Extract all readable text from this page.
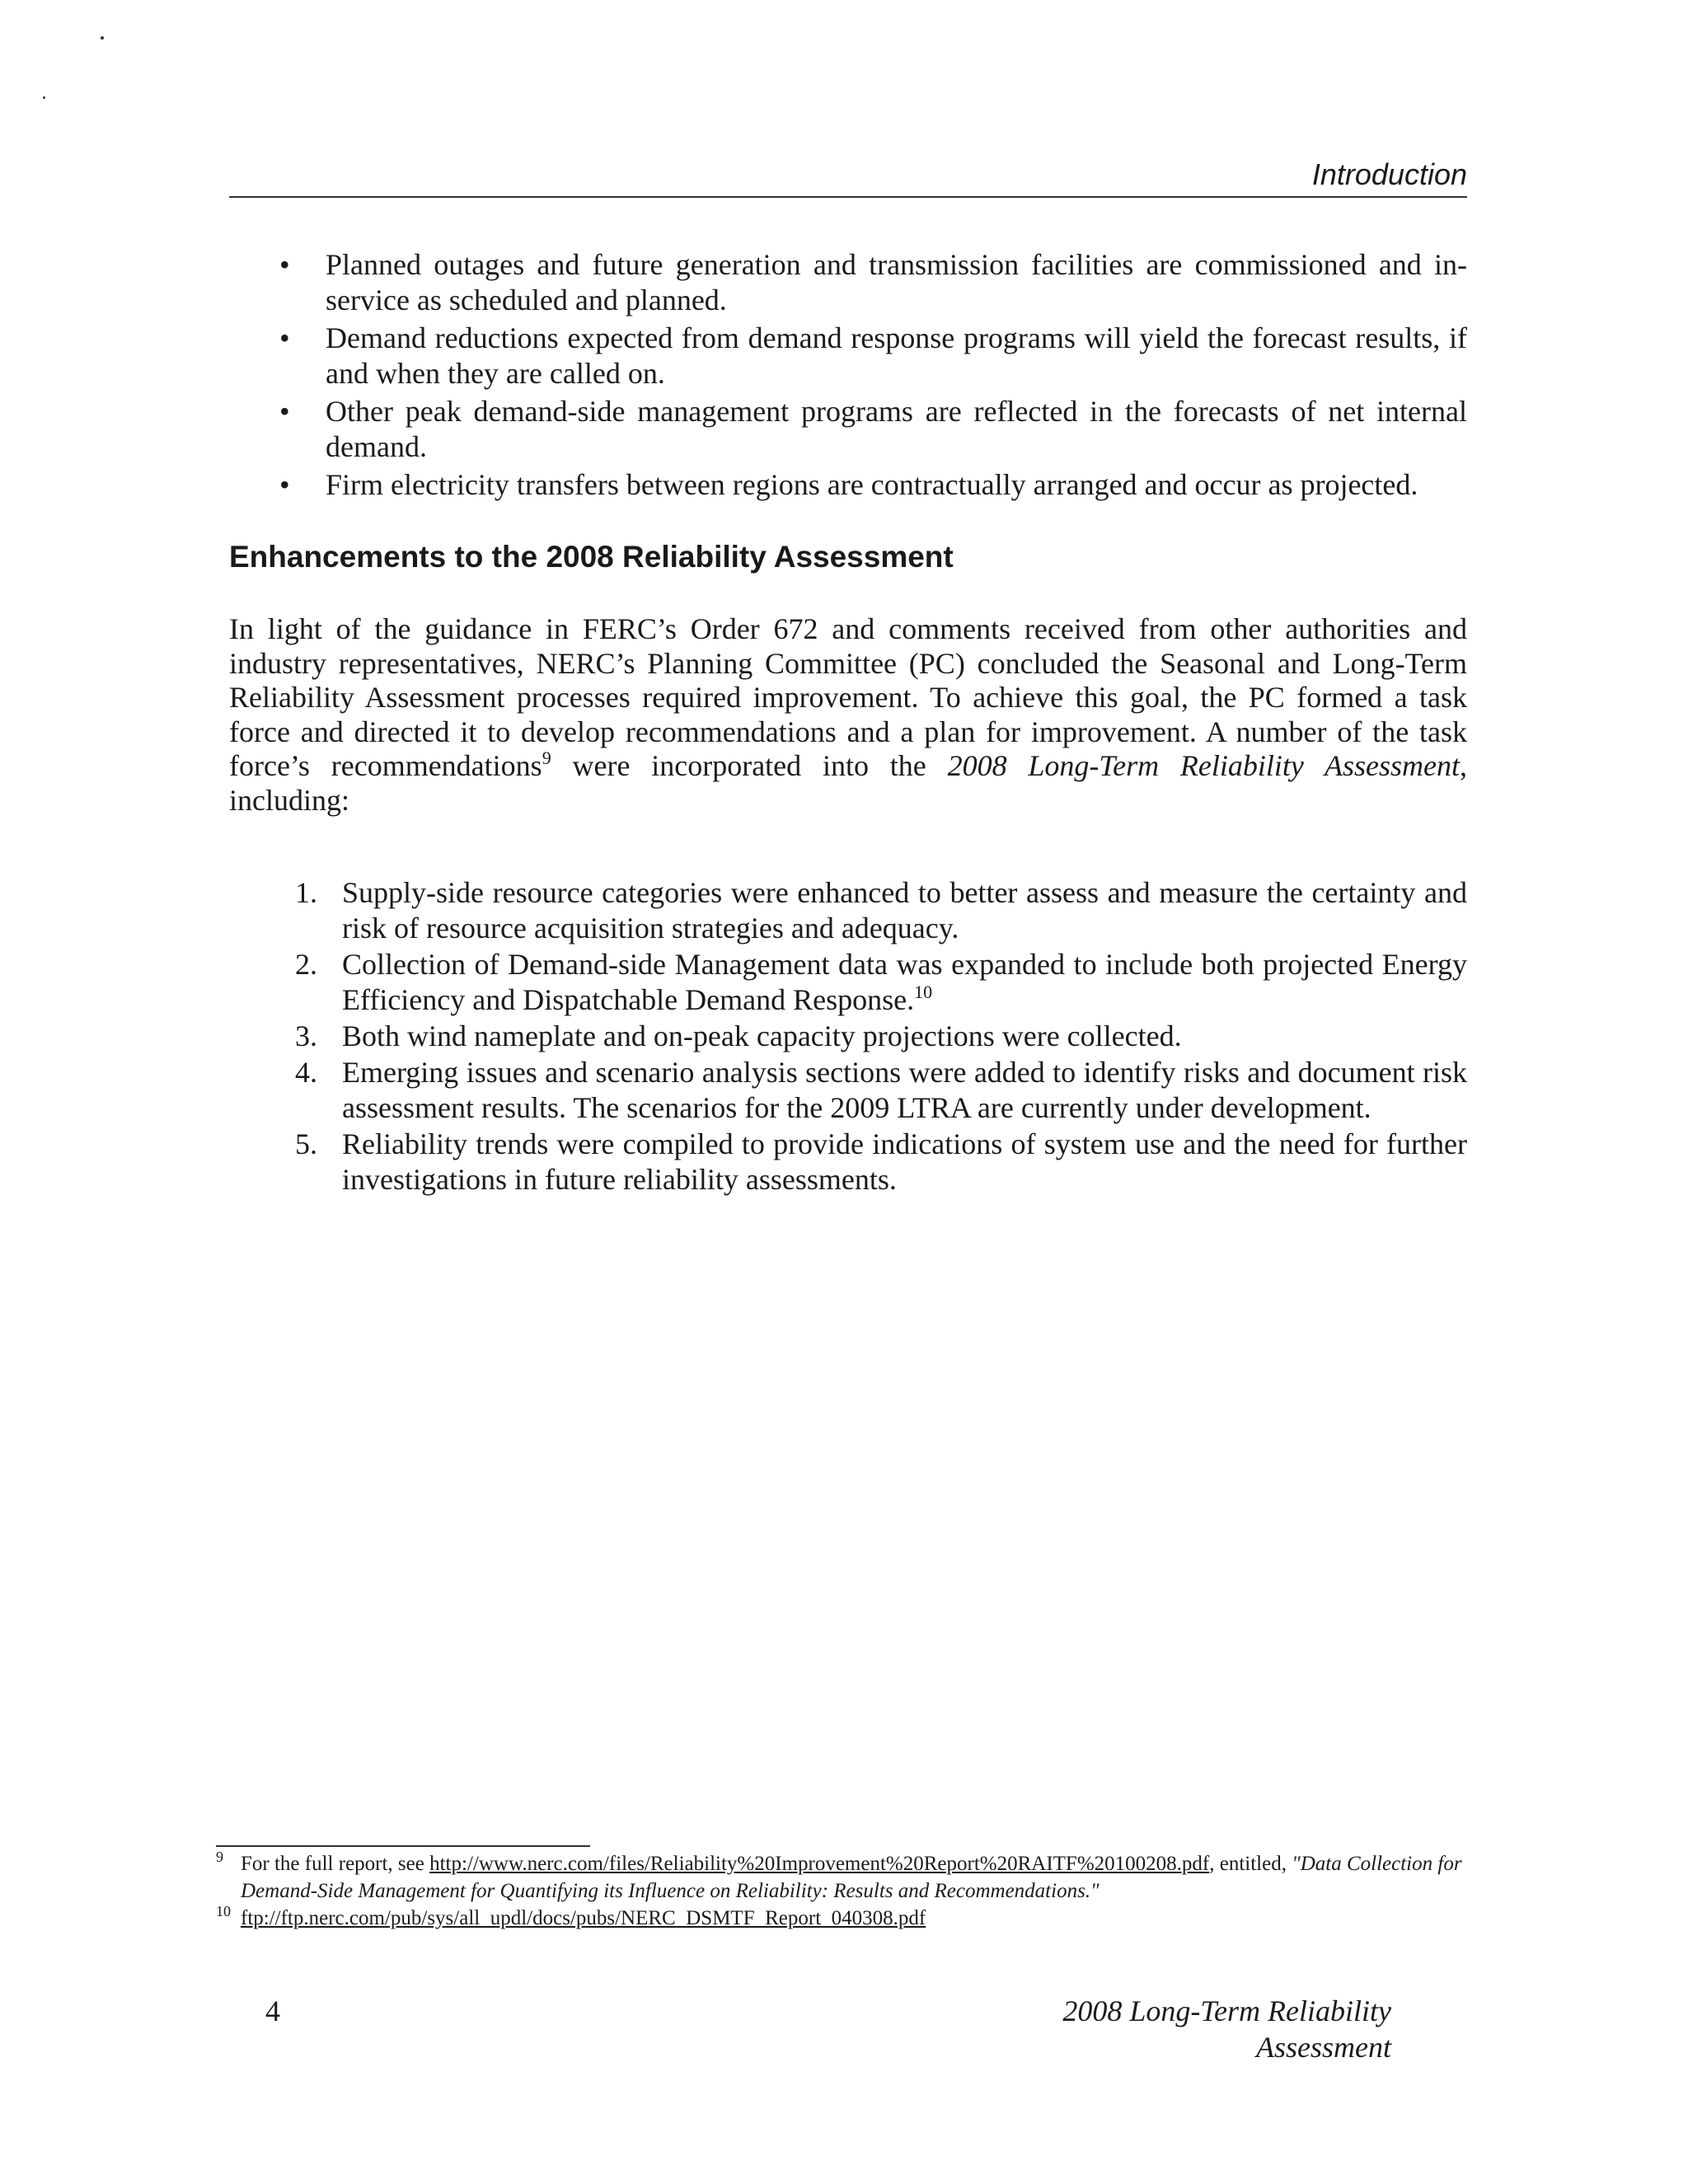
Introduction
• Planned outages and future generation and transmission facilities are commissioned and in-service as scheduled and planned.
• Demand reductions expected from demand response programs will yield the forecast results, if and when they are called on.
• Other peak demand-side management programs are reflected in the forecasts of net internal demand.
• Firm electricity transfers between regions are contractually arranged and occur as projected.
Enhancements to the 2008 Reliability Assessment

In light of the guidance in FERC’s Order 672 and comments received from other authorities and industry representatives, NERC’s Planning Committee (PC) concluded the Seasonal and Long-Term Reliability Assessment processes required improvement. To achieve this goal, the PC formed a task force and directed it to develop recommendations and a plan for improvement. A number of the task force’s recommendations$^9$ were incorporated into the 2008 Long-Term Reliability Assessment, including:

1. Supply-side resource categories were enhanced to better assess and measure the certainty and risk of resource acquisition strategies and adequacy.
2. Collection of Demand-side Management data was expanded to include both projected Energy Efficiency and Dispatchable Demand Response.$^{10}$
3. Both wind nameplate and on-peak capacity projections were collected.
4. Emerging issues and scenario analysis sections were added to identify risks and document risk assessment results. The scenarios for the 2009 LTRA are currently under development.
5. Reliability trends were compiled to provide indications of system use and the need for further investigations in future reliability assessments.
9 For the full report, see http://www.nerc.com/files/Reliability%20Improvement%20Report%20RAITF%20100208.pdf, entitled, "Data Collection for Demand-Side Management for Quantifying its Influence on Reliability: Results and Recommendations."
10 ftp://ftp.nerc.com/pub/sys/all_updl/docs/pubs/NERC_DSMTF_Report_040308.pdf
4	2008 Long-Term Reliability Assessment
